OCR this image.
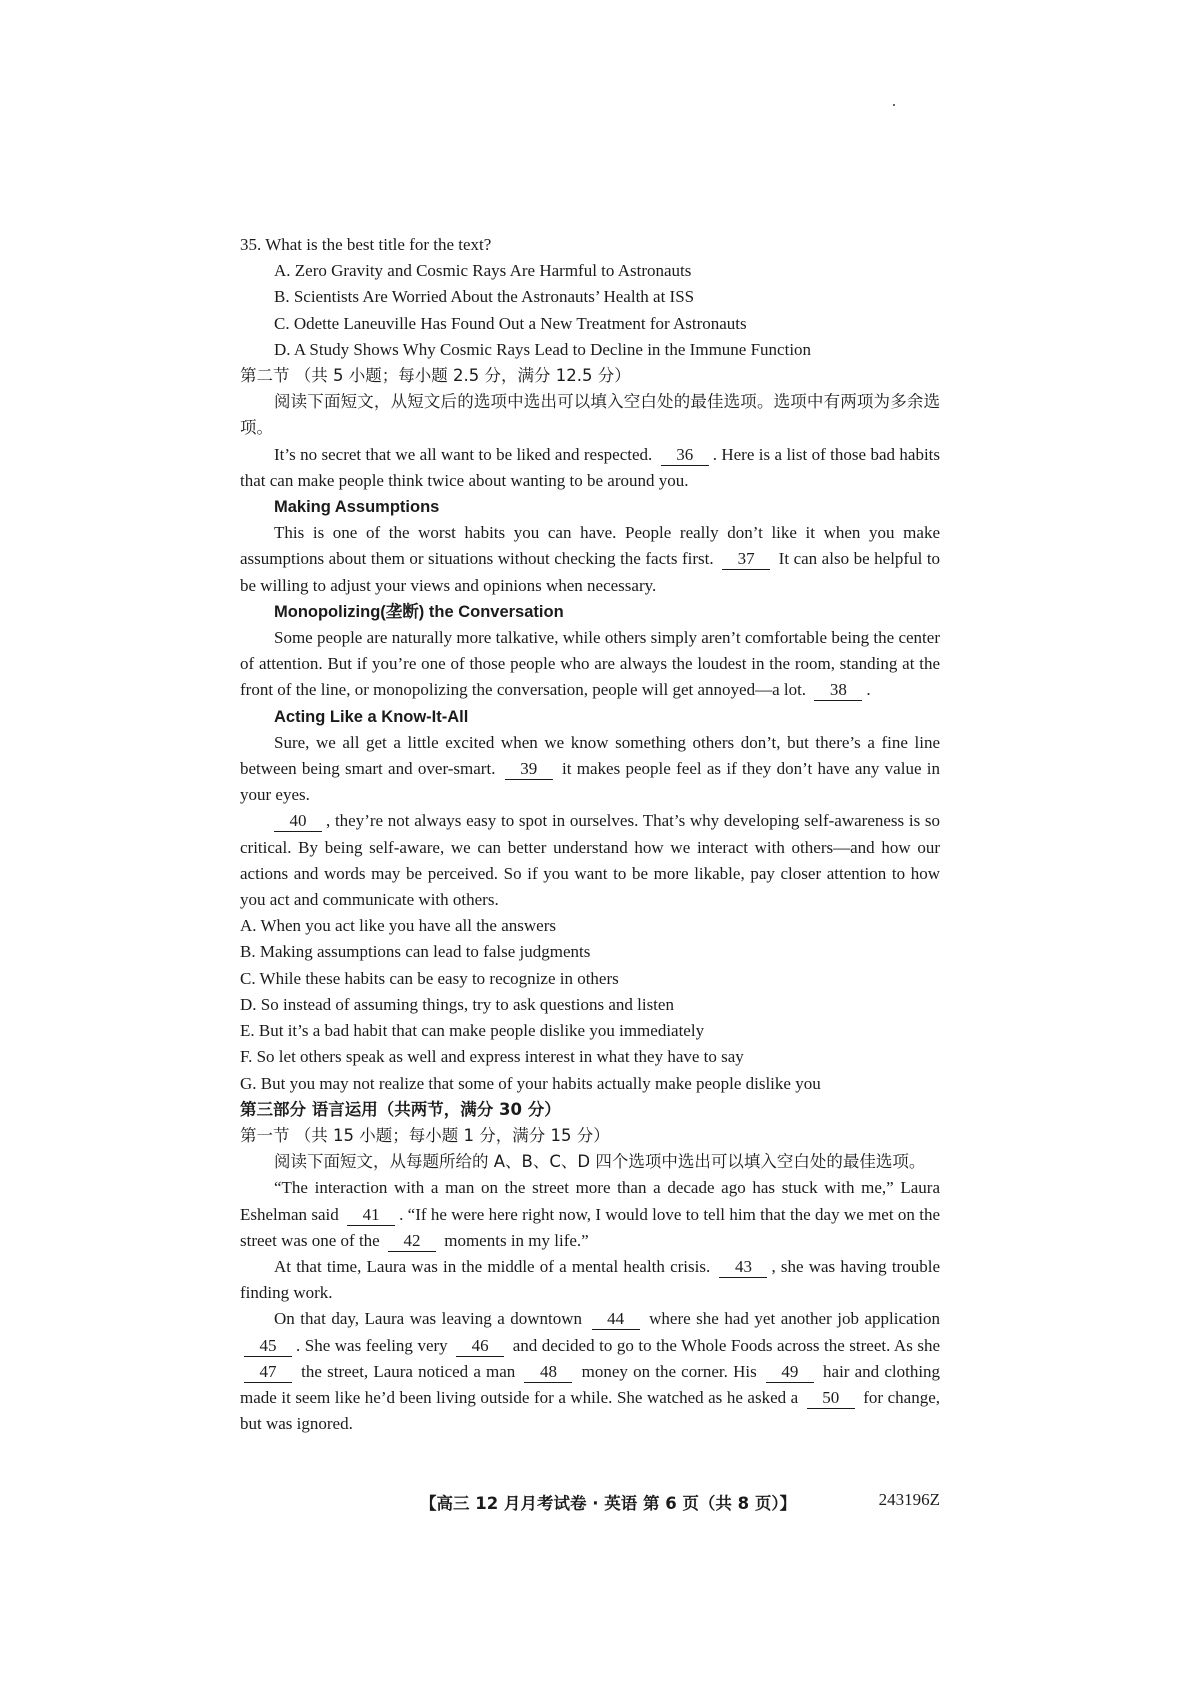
35. What is the best title for the text?

A. Zero Gravity and Cosmic Rays Are Harmful to Astronauts

B. Scientists Are Worried About the Astronauts’ Health at ISS

C. Odette Laneuville Has Found Out a New Treatment for Astronauts

D. A Study Shows Why Cosmic Rays Lead to Decline in the Immune Function

第二节 （共 5 小题；每小题 2.5 分，满分 12.5 分）

阅读下面短文，从短文后的选项中选出可以填入空白处的最佳选项。选项中有两项为多余选项。

It’s no secret that we all want to be liked and respected. 36 . Here is a list of those bad habits that can make people think twice about wanting to be around you.

Making Assumptions

This is one of the worst habits you can have. People really don’t like it when you make assumptions about them or situations without checking the facts first. 37 It can also be helpful to be willing to adjust your views and opinions when necessary.

Monopolizing(垄断) the Conversation

Some people are naturally more talkative, while others simply aren’t comfortable being the center of attention. But if you’re one of those people who are always the loudest in the room, standing at the front of the line, or monopolizing the conversation, people will get annoyed—a lot. 38 .

Acting Like a Know-It-All

Sure, we all get a little excited when we know something others don’t, but there’s a fine line between being smart and over-smart. 39 it makes people feel as if they don’t have any value in your eyes.

40 , they’re not always easy to spot in ourselves. That’s why developing self-awareness is so critical. By being self-aware, we can better understand how we interact with others—and how our actions and words may be perceived. So if you want to be more likable, pay closer attention to how you act and communicate with others.

A. When you act like you have all the answers

B. Making assumptions can lead to false judgments

C. While these habits can be easy to recognize in others

D. So instead of assuming things, try to ask questions and listen

E. But it’s a bad habit that can make people dislike you immediately

F. So let others speak as well and express interest in what they have to say

G. But you may not realize that some of your habits actually make people dislike you

第三部分 语言运用（共两节，满分 30 分）

第一节 （共 15 小题；每小题 1 分，满分 15 分）

阅读下面短文，从每题所给的 A、B、C、D 四个选项中选出可以填入空白处的最佳选项。

“The interaction with a man on the street more than a decade ago has stuck with me,” Laura Eshelman said 41 . “If he were here right now, I would love to tell him that the day we met on the street was one of the 42 moments in my life.”

At that time, Laura was in the middle of a mental health crisis. 43 , she was having trouble finding work.

On that day, Laura was leaving a downtown 44 where she had yet another job application 45 . She was feeling very 46 and decided to go to the Whole Foods across the street. As she 47 the street, Laura noticed a man 48 money on the corner. His 49 hair and clothing made it seem like he’d been living outside for a while. She watched as he asked a 50 for change, but was ignored.

【高三 12 月月考试卷 · 英语 第 6 页（共 8 页）】	243196Z
